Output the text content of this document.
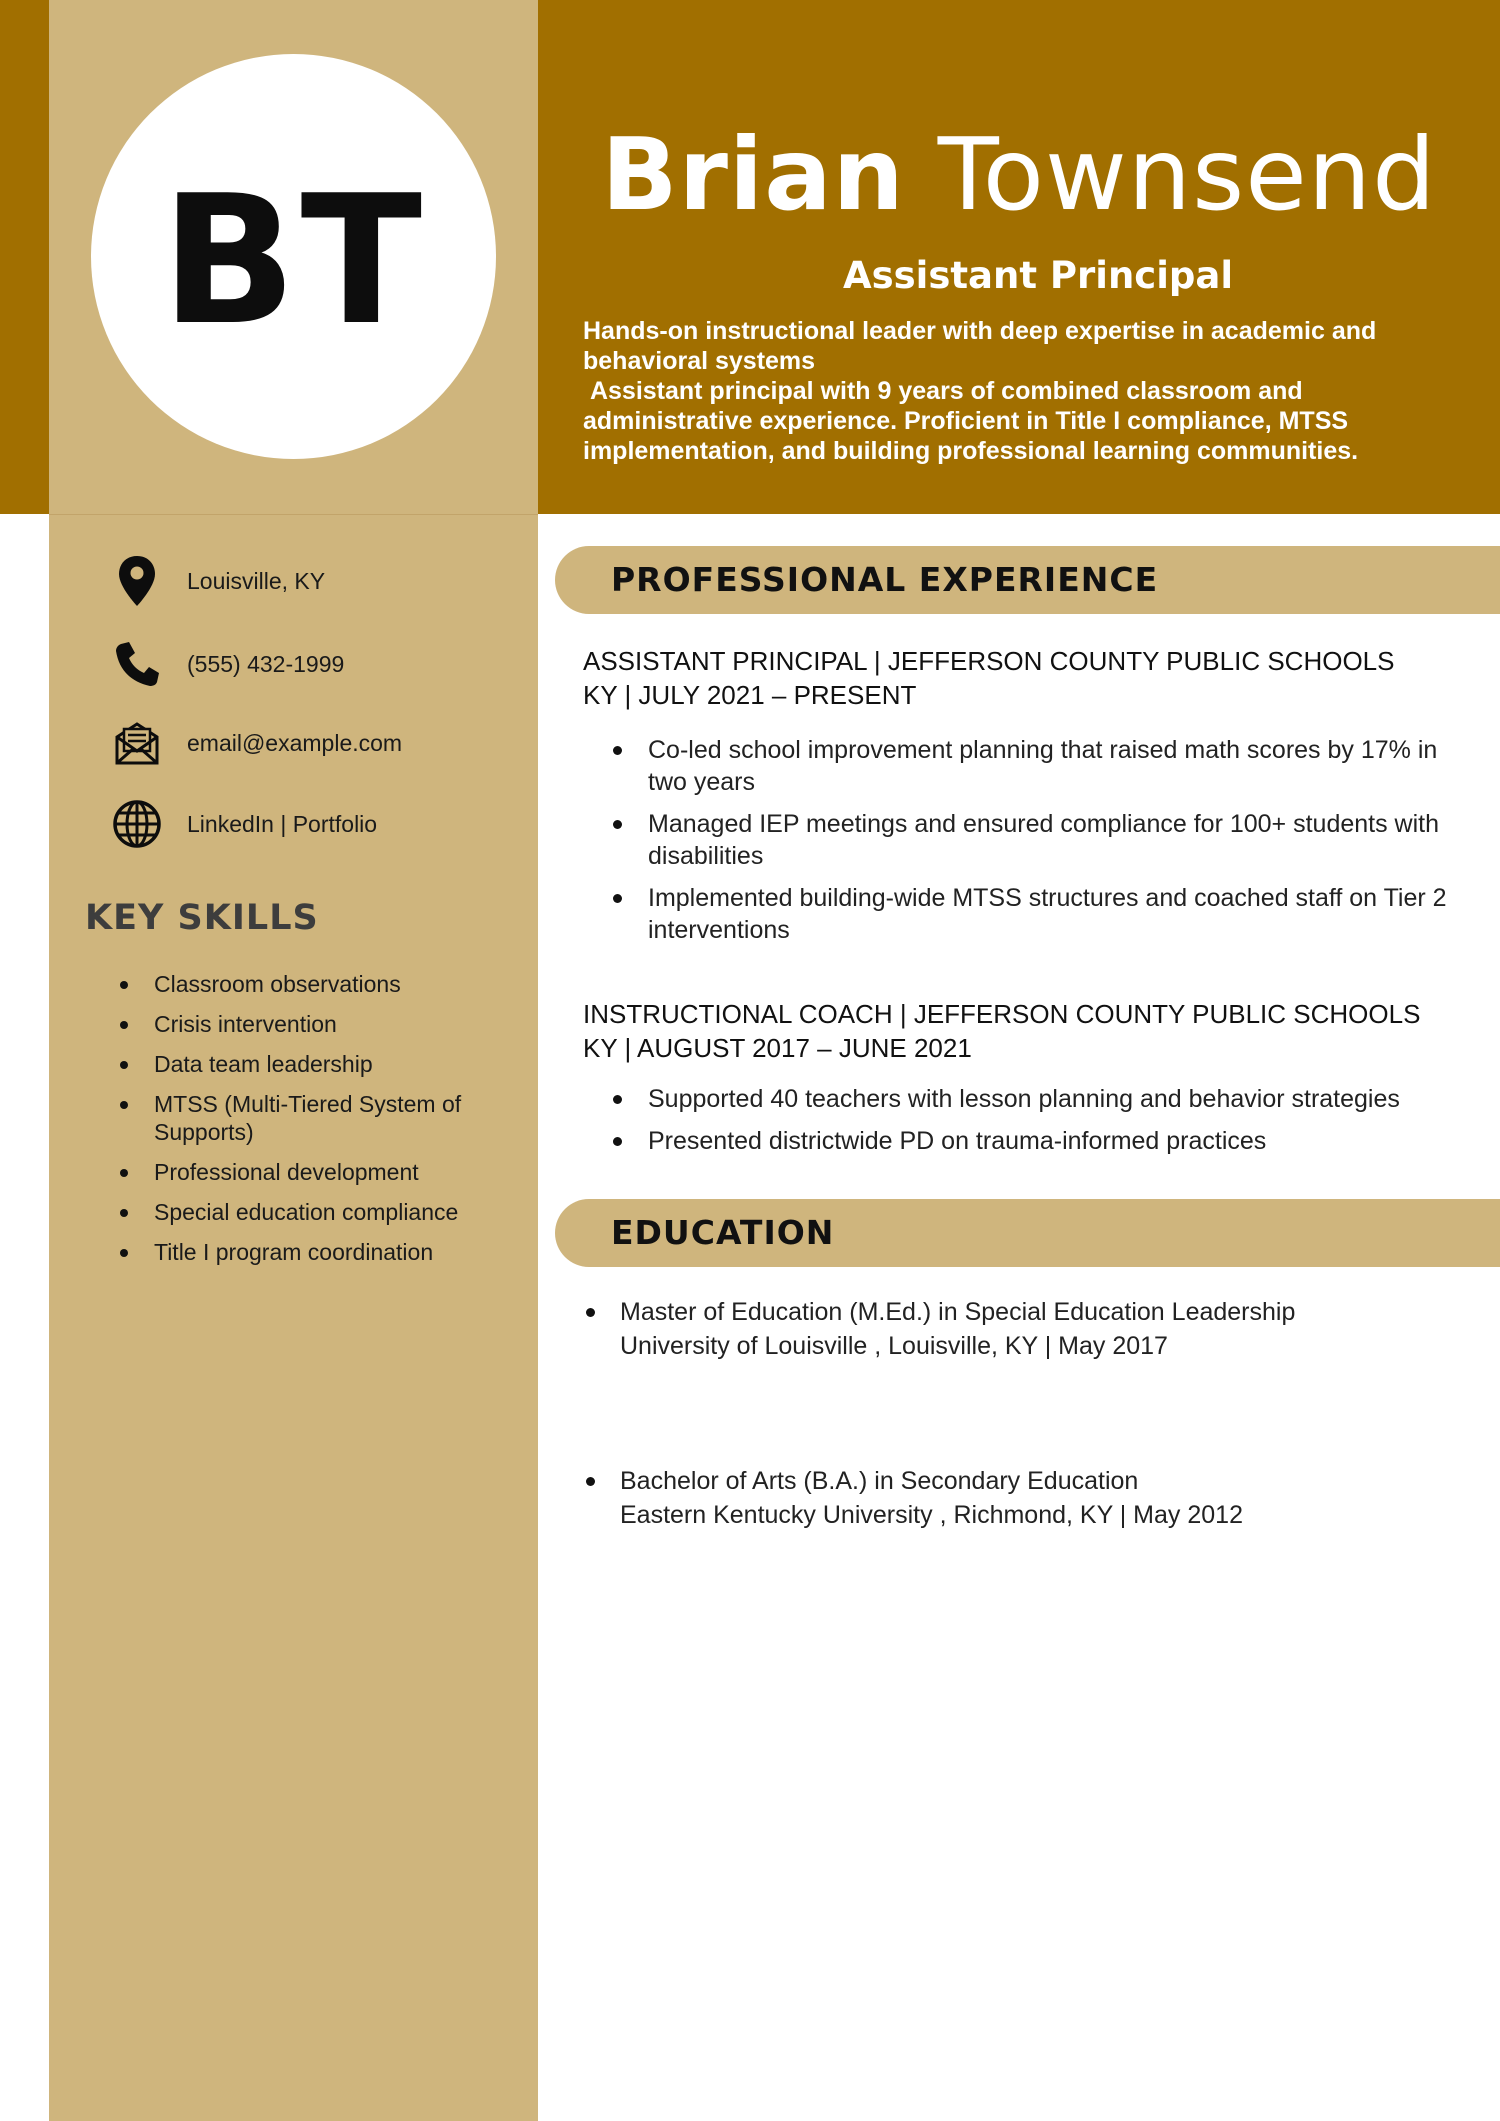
BT	Brian Townsend
Assistant Principal

Hands-on instructional leader with deep expertise in academic and behavioral systems

Assistant principal with 9 years of combined classroom and administrative experience. Proficient in Title I compliance, MTSS implementation, and building professional learning communities.

Louisville, KY
(555) 432-1999
email@example.com
LinkedIn | Portfolio
KEY SKILLS
Classroom observations
Crisis intervention
Data team leadership
MTSS (Multi-Tiered System of Supports)
Professional development
Special education compliance
Title I program coordination
PROFESSIONAL EXPERIENCE
ASSISTANT PRINCIPAL | JEFFERSON COUNTY PUBLIC SCHOOLS
KY | JULY 2021 – PRESENT
Co-led school improvement planning that raised math scores by 17% in two years
Managed IEP meetings and ensured compliance for 100+ students with disabilities
Implemented building-wide MTSS structures and coached staff on Tier 2 interventions
INSTRUCTIONAL COACH | JEFFERSON COUNTY PUBLIC SCHOOLS
KY | AUGUST 2017 – JUNE 2021
Supported 40 teachers with lesson planning and behavior strategies
Presented districtwide PD on trauma-informed practices
EDUCATION
Master of Education (M.Ed.) in Special Education Leadership
University of Louisville , Louisville, KY | May 2017
Bachelor of Arts (B.A.) in Secondary Education
Eastern Kentucky University , Richmond, KY | May 2012
